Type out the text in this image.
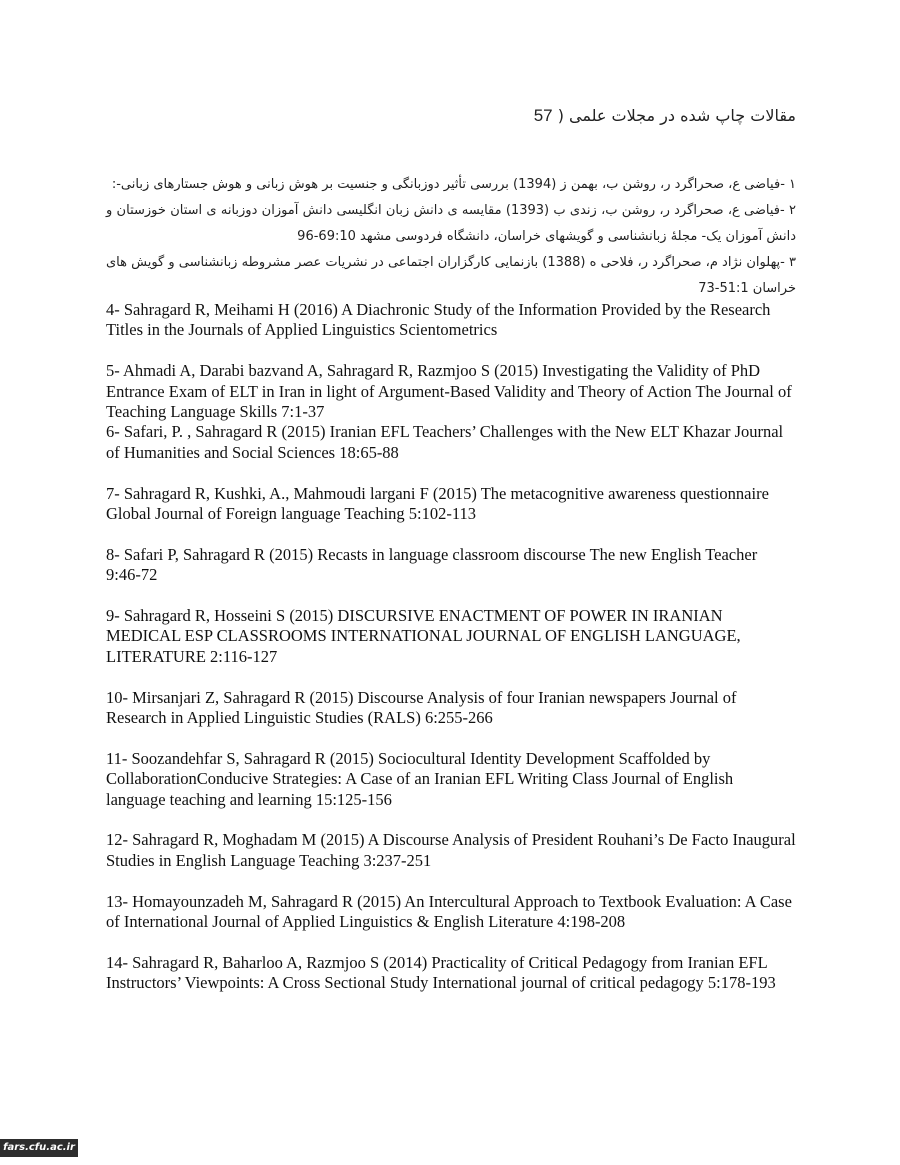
مقالات چاپ شده در مجلات علمی ( 57

۱ -فیاضی ع، صحراگرد ر، روشن ب، بهمن ز (1394) بررسی تأثیر دوزبانگی و جنسیت بر هوش زبانی و هوش جستارهای زبانی-:

۲ -فیاضی ع، صحراگرد ر، روشن ب، زندی ب (1393) مقایسه ی دانش زبان انگلیسی دانش آموزان دوزبانه ی استان خوزستان و دانش آموزان یک- مجلۀ زبانشناسی و گویشهای خراسان، دانشگاه فردوسی مشهد 69:10-96

۳ -پهلوان نژاد م، صحراگرد ر، فلاحی ه (1388) بازنمایی کارگزاران اجتماعی در نشریات عصر مشروطه زبانشناسی و گویش های خراسان 51:1-73

4- Sahragard R, Meihami H (2016) A Diachronic Study of the Information Provided by the Research Titles in the Journals of Applied Linguistics Scientometrics

5- Ahmadi A, Darabi bazvand A, Sahragard R, Razmjoo S (2015) Investigating the Validity of PhD Entrance Exam of ELT in Iran in light of Argument-Based Validity and Theory of Action The Journal of Teaching Language Skills 7:1-37

6- Safari, P. , Sahragard R (2015) Iranian EFL Teachers’ Challenges with the New ELT Khazar Journal of Humanities and Social Sciences 18:65-88

7- Sahragard R, Kushki, A., Mahmoudi largani F (2015) The metacognitive awareness questionnaire Global Journal of Foreign language Teaching 5:102-113

8- Safari P, Sahragard R (2015) Recasts in language classroom discourse The new English Teacher 9:46-72

9- Sahragard R, Hosseini S (2015) DISCURSIVE ENACTMENT OF POWER IN IRANIAN MEDICAL ESP CLASSROOMS INTERNATIONAL JOURNAL OF ENGLISH LANGUAGE, LITERATURE 2:116-127

10- Mirsanjari Z, Sahragard R (2015) Discourse Analysis of four Iranian newspapers Journal of Research in Applied Linguistic Studies (RALS) 6:255-266

11- Soozandehfar S, Sahragard R (2015) Sociocultural Identity Development Scaffolded by CollaborationConducive Strategies: A Case of an Iranian EFL Writing Class Journal of English language teaching and learning 15:125-156

12- Sahragard R, Moghadam M (2015) A Discourse Analysis of President Rouhani’s De Facto Inaugural Studies in English Language Teaching 3:237-251

13- Homayounzadeh M, Sahragard R (2015) An Intercultural Approach to Textbook Evaluation: A Case of International Journal of Applied Linguistics & English Literature 4:198-208

14- Sahragard R, Baharloo A, Razmjoo S (2014) Practicality of Critical Pedagogy from Iranian EFL Instructors’ Viewpoints: A Cross Sectional Study International journal of critical pedagogy 5:178-193

fars.cfu.ac.ir
